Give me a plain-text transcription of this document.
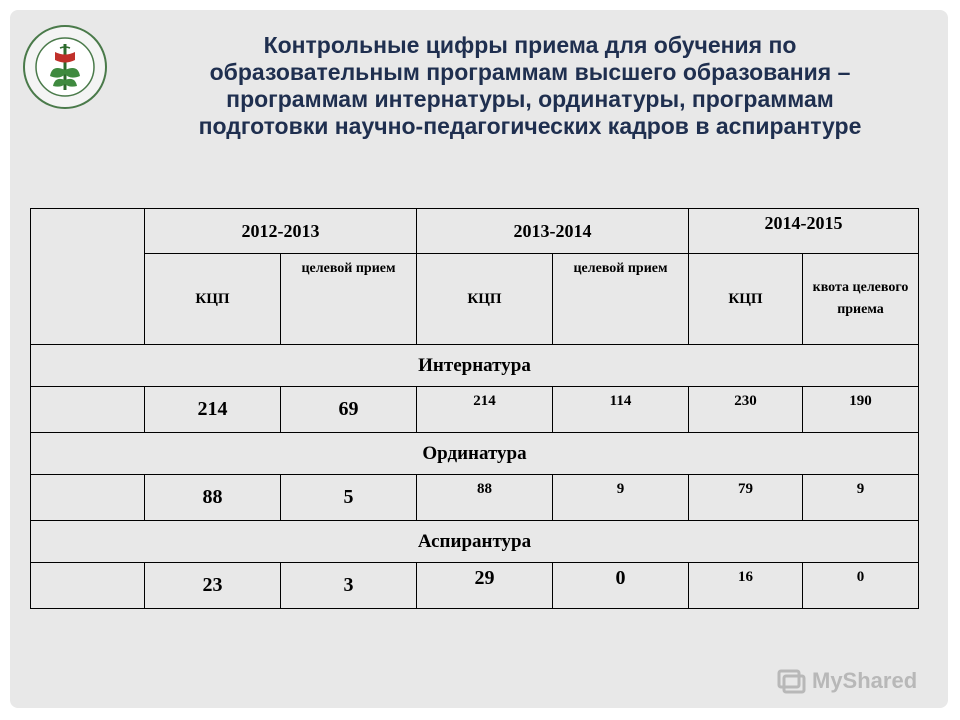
Контрольные цифры приема для обучения по
образовательным программам высшего образования –
программам интернатуры, ординатуры, программам
подготовки научно-педагогических кадров в аспирантуре
	2012-2013		2013-2014		2014-2015	
	КЦП	целевой прием	КЦП	целевой прием	КЦП	квота целевого приема
Интернатура						
	214	69	214	114	230	190
Ординатура						
	88	5	88	9	79	9
Аспирантура						
	23	3	29	0	16	0
MyShared
